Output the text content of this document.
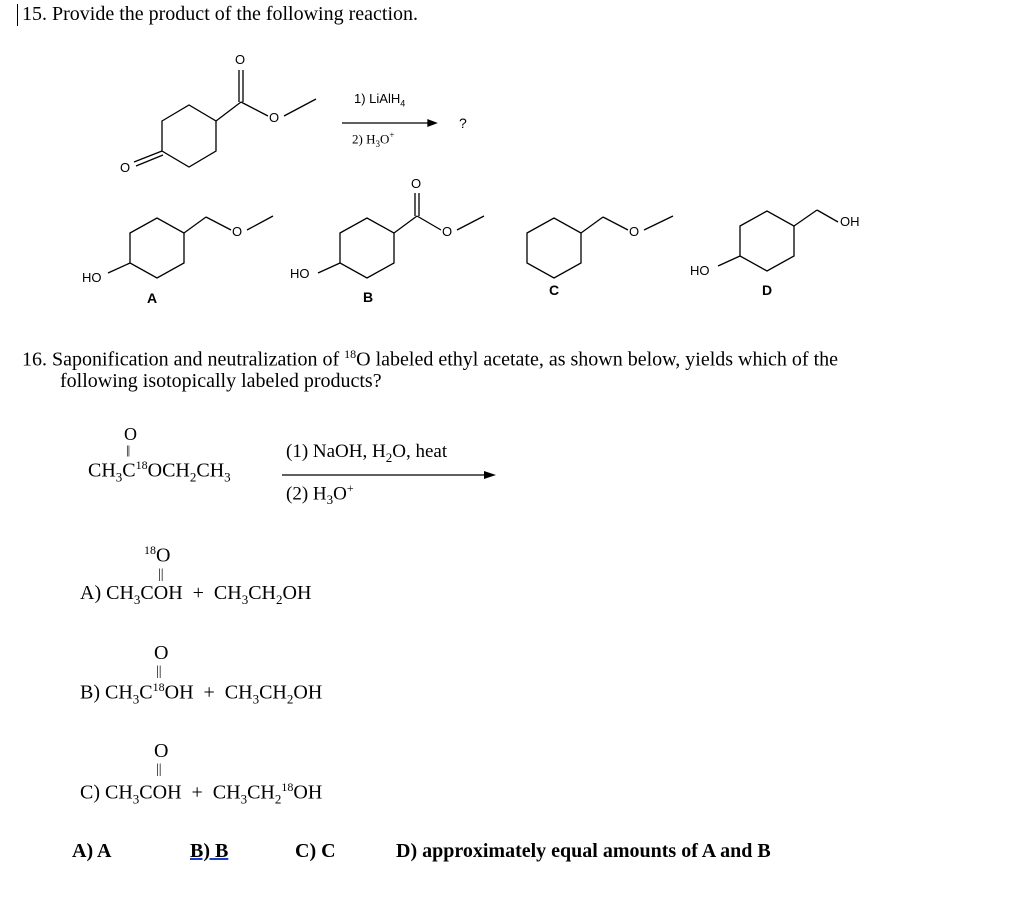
15. Provide the product of the following reaction.
O
O
O
1) LiAlH$_4$
2) $H_3O^+$
?
O
HO
A
O
O
HO
B
O
C
OH
HO
D
16. Saponification and neutralization of $^{18}$O labeled ethyl acetate, as shown below, yields which of the
following isotopically labeled products?
O
||
$CH_3C^{18}OCH_2CH_3$
(1) NaOH, $H_2O$, heat
(2) $H_3O^+$
$^{18}$O
||
A) $CH_3COH + CH_3CH_2OH$
O
||
B) $CH_3C^{18}OH + CH_3CH_2OH$
O
||
C) $CH_3COH + CH_3CH_2^{18}OH$
A) A	B) B	C) C	D) approximately equal amounts of A and B
